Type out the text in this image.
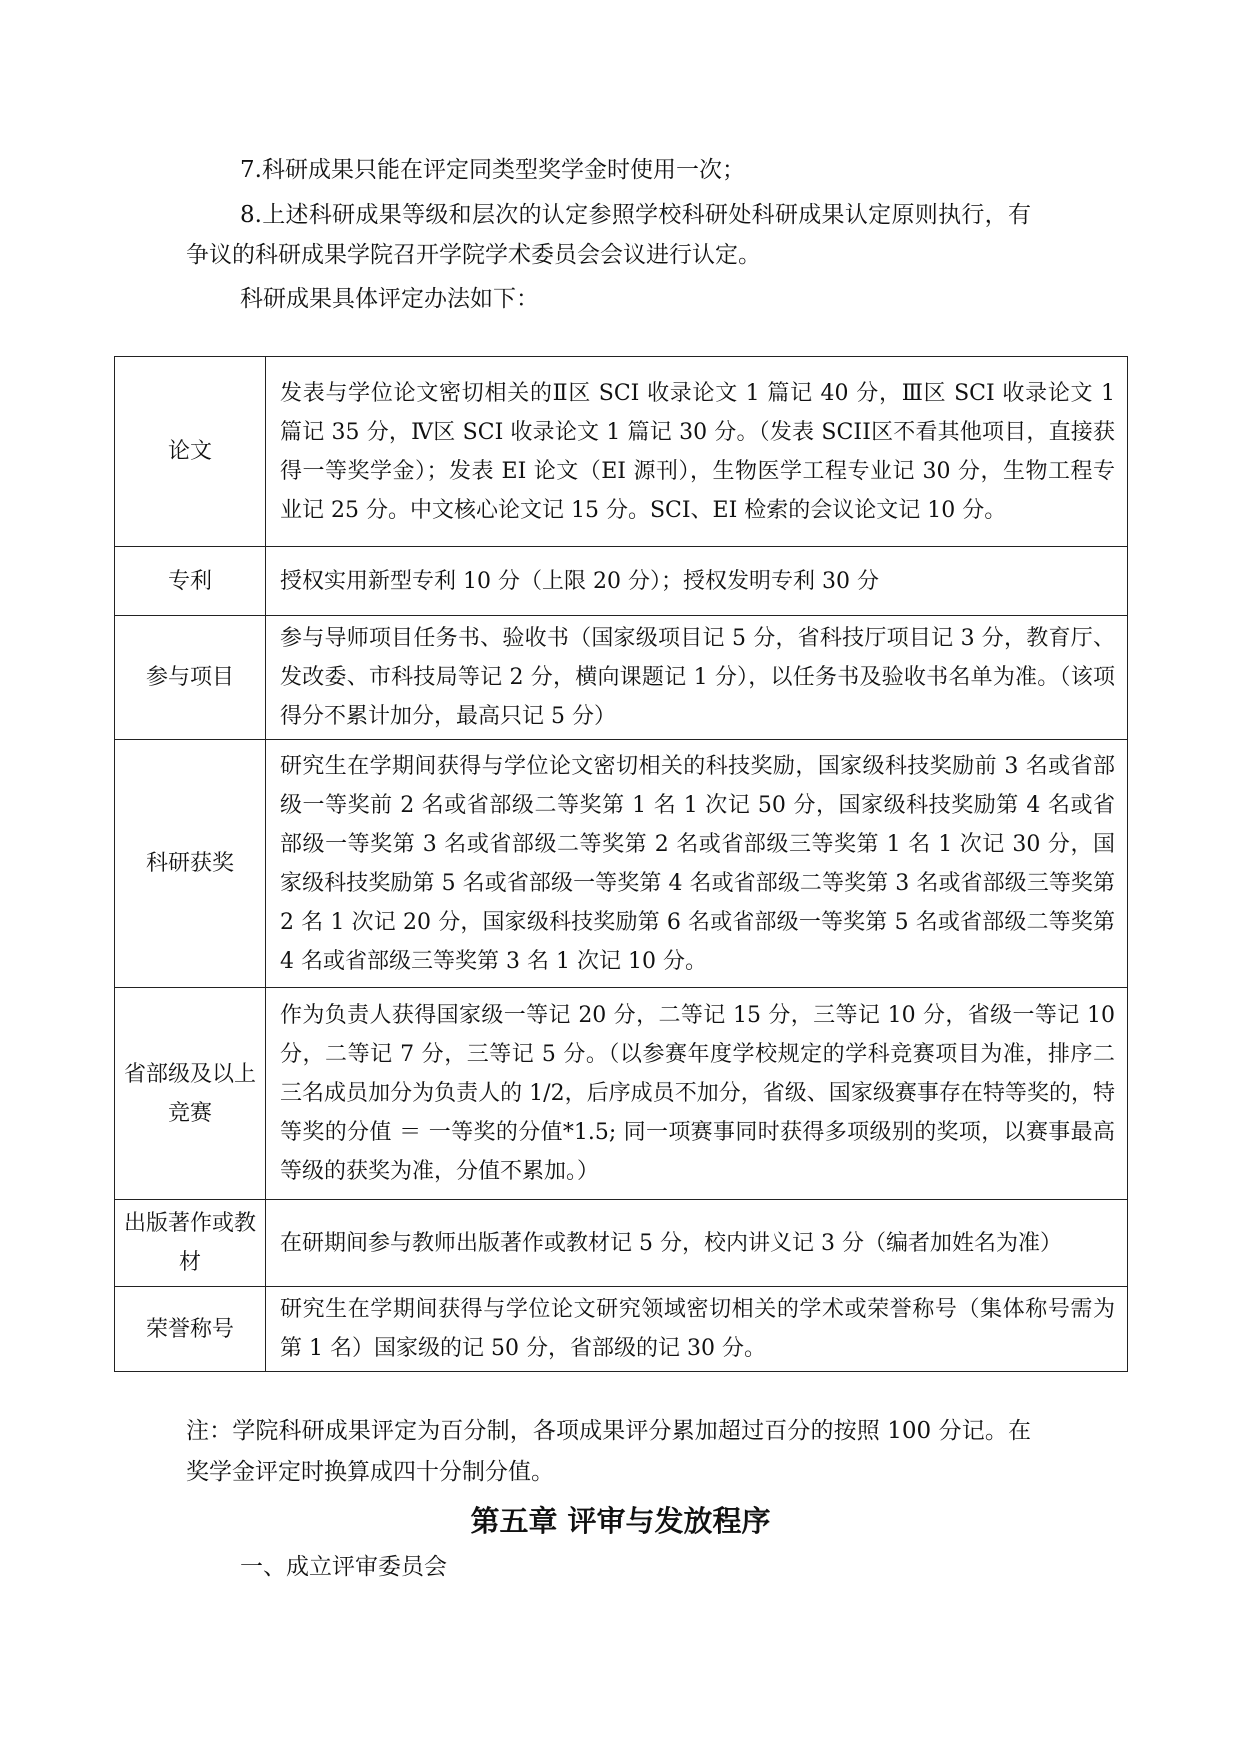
7.科研成果只能在评定同类型奖学金时使用一次；

8.上述科研成果等级和层次的认定参照学校科研处科研成果认定原则执行，有争议的科研成果学院召开学院学术委员会会议进行认定。

科研成果具体评定办法如下：

论文	发表与学位论文密切相关的Ⅱ区 SCI 收录论文 1 篇记 40 分，Ⅲ区 SCI 收录论文 1 篇记 35 分，Ⅳ区 SCI 收录论文 1 篇记 30 分。（发表 SCIⅠ区不看其他项目，直接获得一等奖学金）；发表 EI 论文（EI 源刊），生物医学工程专业记 30 分，生物工程专业记 25 分。中文核心论文记 15 分。SCI、EI 检索的会议论文记 10 分。
专利	授权实用新型专利 10 分（上限 20 分）；授权发明专利 30 分
参与项目	参与导师项目任务书、验收书（国家级项目记 5 分，省科技厅项目记 3 分，教育厅、发改委、市科技局等记 2 分，横向课题记 1 分），以任务书及验收书名单为准。（该项得分不累计加分，最高只记 5 分）
科研获奖	研究生在学期间获得与学位论文密切相关的科技奖励，国家级科技奖励前 3 名或省部级一等奖前 2 名或省部级二等奖第 1 名 1 次记 50 分，国家级科技奖励第 4 名或省部级一等奖第 3 名或省部级二等奖第 2 名或省部级三等奖第 1 名 1 次记 30 分，国家级科技奖励第 5 名或省部级一等奖第 4 名或省部级二等奖第 3 名或省部级三等奖第 2 名 1 次记 20 分，国家级科技奖励第 6 名或省部级一等奖第 5 名或省部级二等奖第 4 名或省部级三等奖第 3 名 1 次记 10 分。
省部级及以上竞赛	作为负责人获得国家级一等记 20 分，二等记 15 分，三等记 10 分，省级一等记 10 分，二等记 7 分，三等记 5 分。（以参赛年度学校规定的学科竞赛项目为准，排序二三名成员加分为负责人的 1/2，后序成员不加分，省级、国家级赛事存在特等奖的，特等奖的分值 ＝ 一等奖的分值*1.5; 同一项赛事同时获得多项级别的奖项，以赛事最高等级的获奖为准，分值不累加。）
出版著作或教材	在研期间参与教师出版著作或教材记 5 分，校内讲义记 3 分（编者加姓名为准）
荣誉称号	研究生在学期间获得与学位论文研究领域密切相关的学术或荣誉称号（集体称号需为第 1 名）国家级的记 50 分，省部级的记 30 分。

注：学院科研成果评定为百分制，各项成果评分累加超过百分的按照 100 分记。在奖学金评定时换算成四十分制分值。

第五章 评审与发放程序

一、成立评审委员会
